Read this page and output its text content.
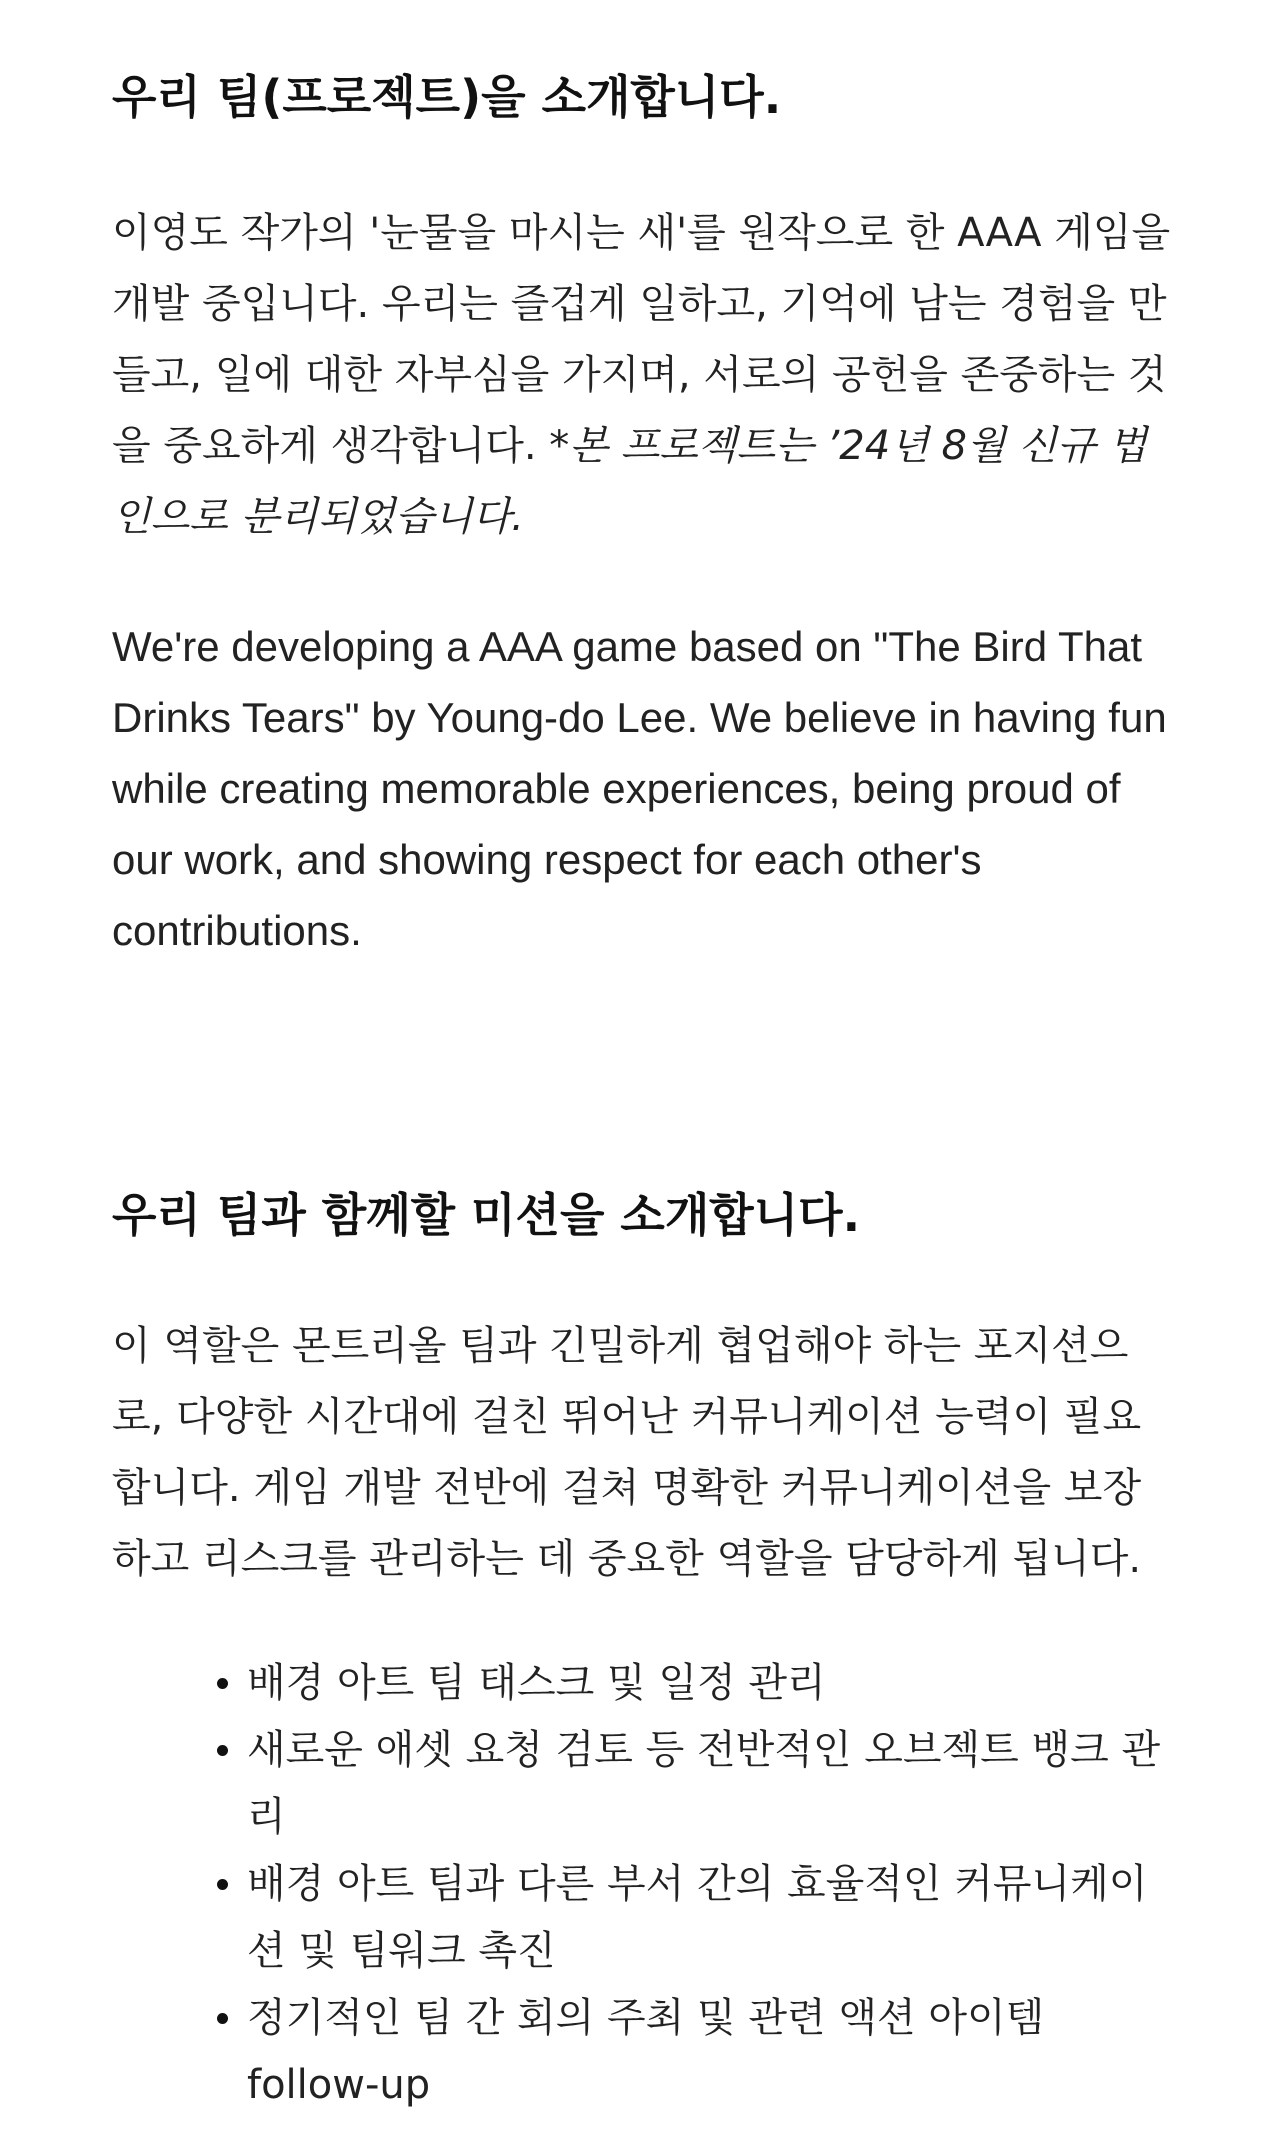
우리 팀(프로젝트)을 소개합니다.

이영도 작가의 '눈물을 마시는 새'를 원작으로 한 AAA 게임을 개발 중입니다. 우리는 즐겁게 일하고, 기억에 남는 경험을 만들고, 일에 대한 자부심을 가지며, 서로의 공헌을 존중하는 것을 중요하게 생각합니다. *본 프로젝트는 ’24년 8월 신규 법인으로 분리되었습니다.

We're developing a AAA game based on "The Bird That Drinks Tears" by Young-do Lee. We believe in having fun while creating memorable experiences, being proud of our work, and showing respect for each other's contributions.

우리 팀과 함께할 미션을 소개합니다.

이 역할은 몬트리올 팀과 긴밀하게 협업해야 하는 포지션으로, 다양한 시간대에 걸친 뛰어난 커뮤니케이션 능력이 필요합니다. 게임 개발 전반에 걸쳐 명확한 커뮤니케이션을 보장하고 리스크를 관리하는 데 중요한 역할을 담당하게 됩니다.

배경 아트 팀 태스크 및 일정 관리
새로운 애셋 요청 검토 등 전반적인 오브젝트 뱅크 관리
배경 아트 팀과 다른 부서 간의 효율적인 커뮤니케이션 및 팀워크 촉진
정기적인 팀 간 회의 주최 및 관련 액션 아이템 follow-up
